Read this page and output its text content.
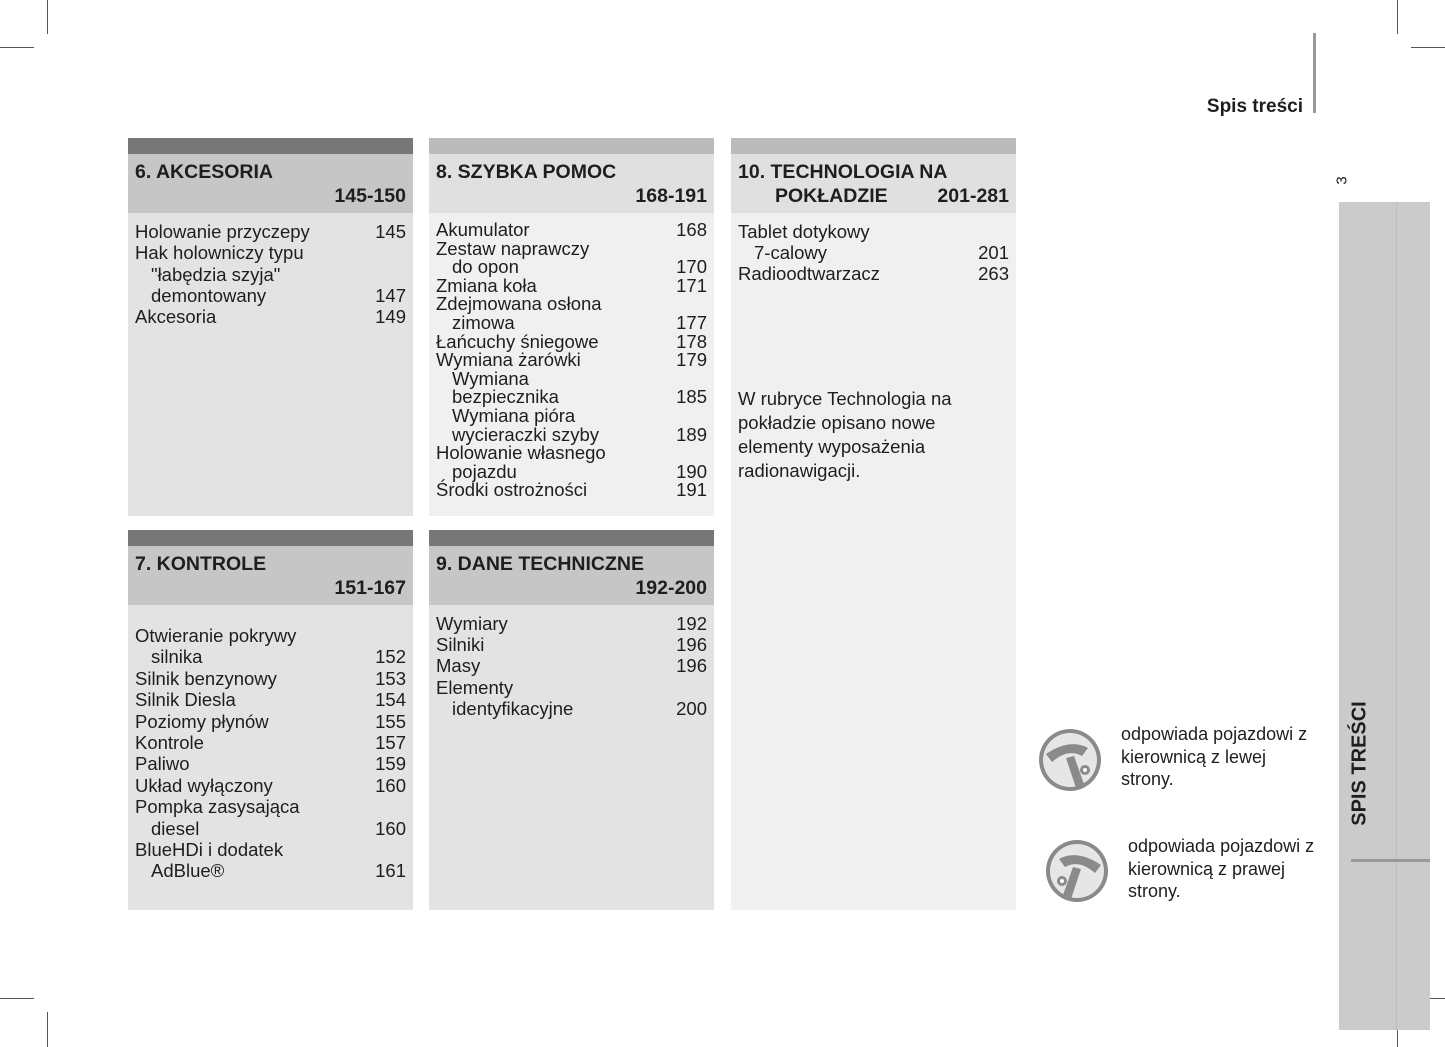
Spis treści
3
SPIS TREŚCI
6. AKCESORIA
145-150
Holowanie przyczepy	145
Hak holowniczy typu
"łabędzia szyja"
demontowany	147
Akcesoria	149
7. KONTROLE
151-167
Otwieranie pokrywy
silnika	152
Silnik benzynowy	153
Silnik Diesla	154
Poziomy płynów	155
Kontrole	157
Paliwo	159
Układ wyłączony	160
Pompka zasysająca
diesel	160
BlueHDi i dodatek
AdBlue®	161
8. SZYBKA POMOC
168-191
Akumulator	168
Zestaw naprawczy
do opon	170
Zmiana koła	171
Zdejmowana osłona
zimowa	177
Łańcuchy śniegowe	178
Wymiana żarówki	179
Wymiana
bezpiecznika	185
Wymiana pióra
wycieraczki szyby	189
Holowanie własnego
pojazdu	190
Środki ostrożności	191
9. DANE TECHNICZNE
192-200
Wymiary	192
Silniki	196
Masy	196
Elementy
identyfikacyjne	200
10. TECHNOLOGIA NA
POKŁADZIE	201-281
Tablet dotykowy
7-calowy	201
Radioodtwarzacz	263
W rubryce Technologia na pokładzie opisano nowe elementy wyposażenia radionawigacji.
odpowiada pojazdowi z kierownicą z lewej strony.
odpowiada pojazdowi z kierownicą z prawej strony.
